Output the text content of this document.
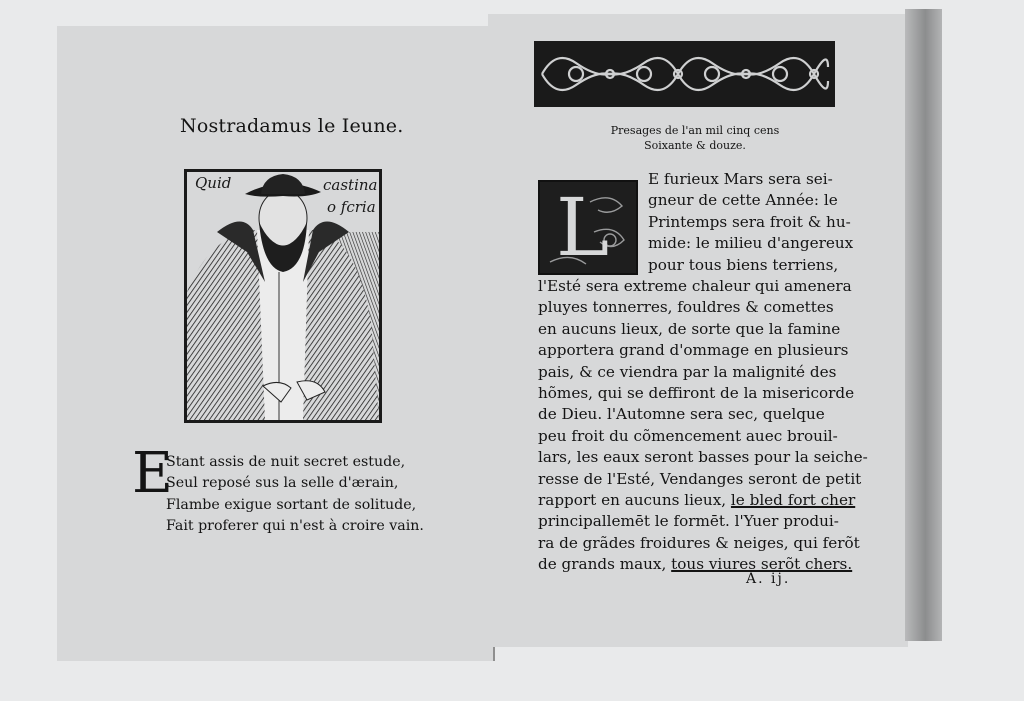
Nostradamus le Ieune.
Quid	castina
o fcria
E
Stant assis de nuit secret estude,
Seul reposé sus la selle d'ærain,
Flambe exigue sortant de solitude,
Fait proferer qui n'est à croire vain.
Presages de l'an mil cinq cens
Soixante & douze.
L
E furieux Mars sera sei-
gneur de cette Année: le
Printemps sera froit & hu-
mide: le milieu d'angereux
pour tous biens terriens,
l'Esté sera extreme chaleur qui amenera
pluyes tonnerres, fouldres & comettes
en aucuns lieux, de sorte que la famine
apportera grand d'ommage en plusieurs
pais, & ce viendra par la malignité des
hõmes, qui se deffiront de la misericorde
de Dieu. l'Automne sera sec, quelque
peu froit du cõmencement auec brouil-
lars, les eaux seront basses pour la seiche-
resse de l'Esté, Vendanges seront de petit
rapport en aucuns lieux, le bled fort cher
principallemēt le formēt. l'Yuer produi-
ra de grãdes froidures & neiges, qui ferõt
de grands maux, tous viures serõt chers.
A. ij.
